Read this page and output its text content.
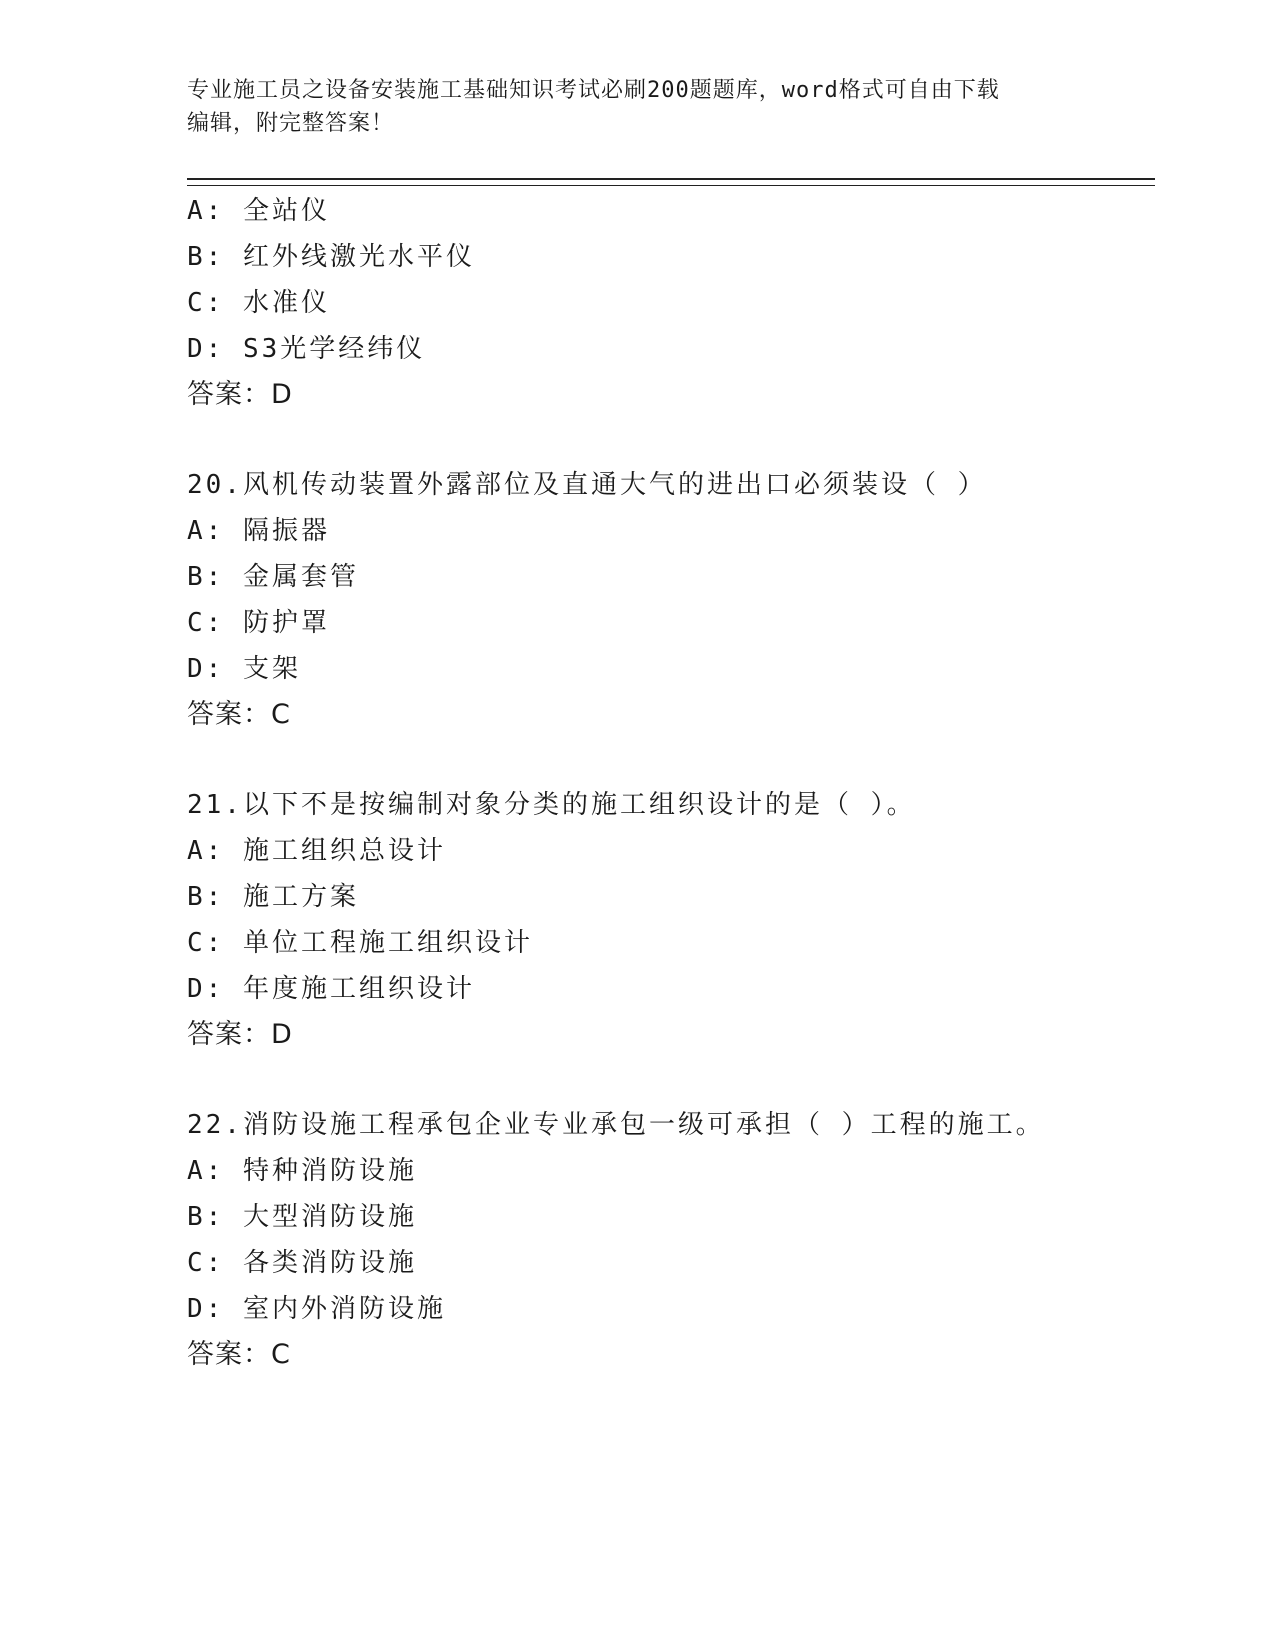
专业施工员之设备安装施工基础知识考试必刷200题题库，word格式可自由下载
编辑，附完整答案！
A: 全站仪
B: 红外线激光水平仪
C: 水准仪
D: S3光学经纬仪
答案：D
20.风机传动装置外露部位及直通大气的进出口必须装设（ ）
A: 隔振器
B: 金属套管
C: 防护罩
D: 支架
答案：C
21.以下不是按编制对象分类的施工组织设计的是（ ）。
A: 施工组织总设计
B: 施工方案
C: 单位工程施工组织设计
D: 年度施工组织设计
答案：D
22.消防设施工程承包企业专业承包一级可承担（ ）工程的施工。
A: 特种消防设施
B: 大型消防设施
C: 各类消防设施
D: 室内外消防设施
答案：C
